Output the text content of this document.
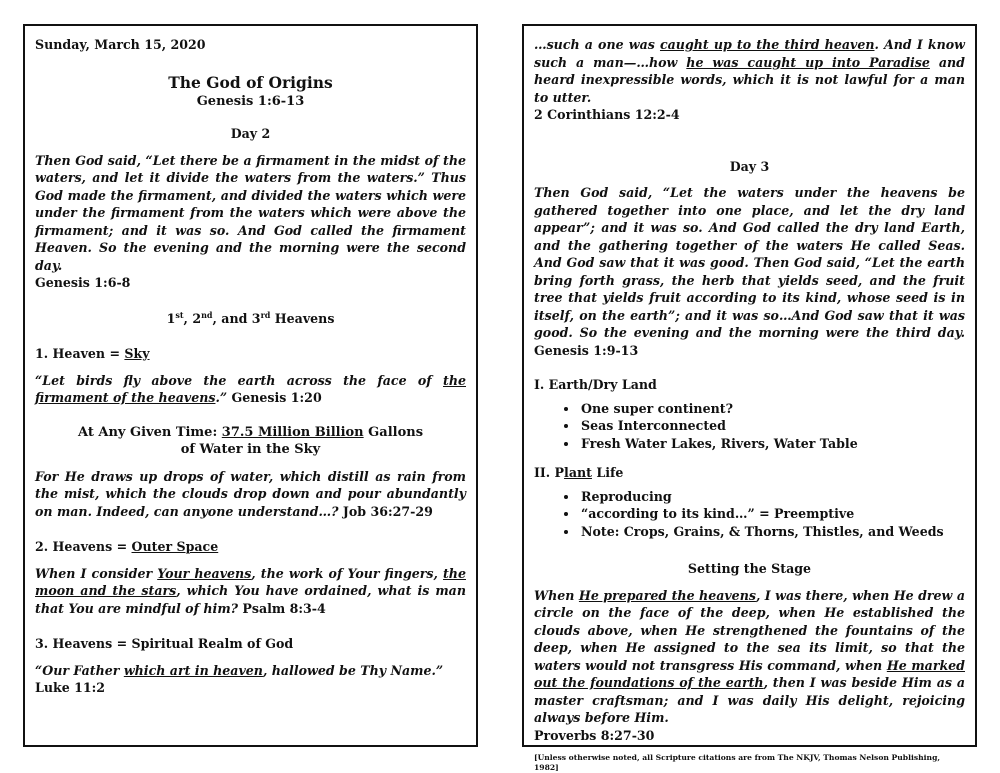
Sunday, March 15, 2020

The God of Origins

Genesis 1:6-13

Day 2

Then God said, “Let there be a firmament in the midst of the waters, and let it divide the waters from the waters.” Thus God made the firmament, and divided the waters which were under the firmament from the waters which were above the firmament; and it was so. And God called the firmament Heaven. So the evening and the morning were the second day.

Genesis 1:6-8

1st, 2nd, and 3rd Heavens

1. Heaven = Sky

“Let birds fly above the earth across the face of the firmament of the heavens.” Genesis 1:20

At Any Given Time: 37.5 Million Billion Gallons
of Water in the Sky

For He draws up drops of water, which distill as rain from the mist, which the clouds drop down and pour abundantly on man. Indeed, can anyone understand…? Job 36:27-29

2. Heavens = Outer Space

When I consider Your heavens, the work of Your fingers, the moon and the stars, which You have ordained, what is man that You are mindful of him? Psalm 8:3-4

3. Heavens = Spiritual Realm of God

“Our Father which art in heaven, hallowed be Thy Name.”

Luke 11:2

…such a one was caught up to the third heaven. And I know such a man—…how he was caught up into Paradise and heard inexpressible words, which it is not lawful for a man to utter.

2 Corinthians 12:2-4

Day 3

Then God said, “Let the waters under the heavens be gathered together into one place, and let the dry land appear”; and it was so. And God called the dry land Earth, and the gathering together of the waters He called Seas. And God saw that it was good. Then God said, “Let the earth bring forth grass, the herb that yields seed, and the fruit tree that yields fruit according to its kind, whose seed is in itself, on the earth”; and it was so…And God saw that it was good. So the evening and the morning were the third day. Genesis 1:9-13

I. Earth/Dry Land

• One super continent?
• Seas Interconnected
• Fresh Water Lakes, Rivers, Water Table

II. Plant Life

• Reproducing
• “according to its kind…” = Preemptive
• Note: Crops, Grains, & Thorns, Thistles, and Weeds

Setting the Stage

When He prepared the heavens, I was there, when He drew a circle on the face of the deep, when He established the clouds above, when He strengthened the fountains of the deep, when He assigned to the sea its limit, so that the waters would not transgress His command, when He marked out the foundations of the earth, then I was beside Him as a master craftsman; and I was daily His delight, rejoicing always before Him.

Proverbs 8:27-30

[Unless otherwise noted, all Scripture citations are from The NKJV, Thomas Nelson Publishing, 1982]
